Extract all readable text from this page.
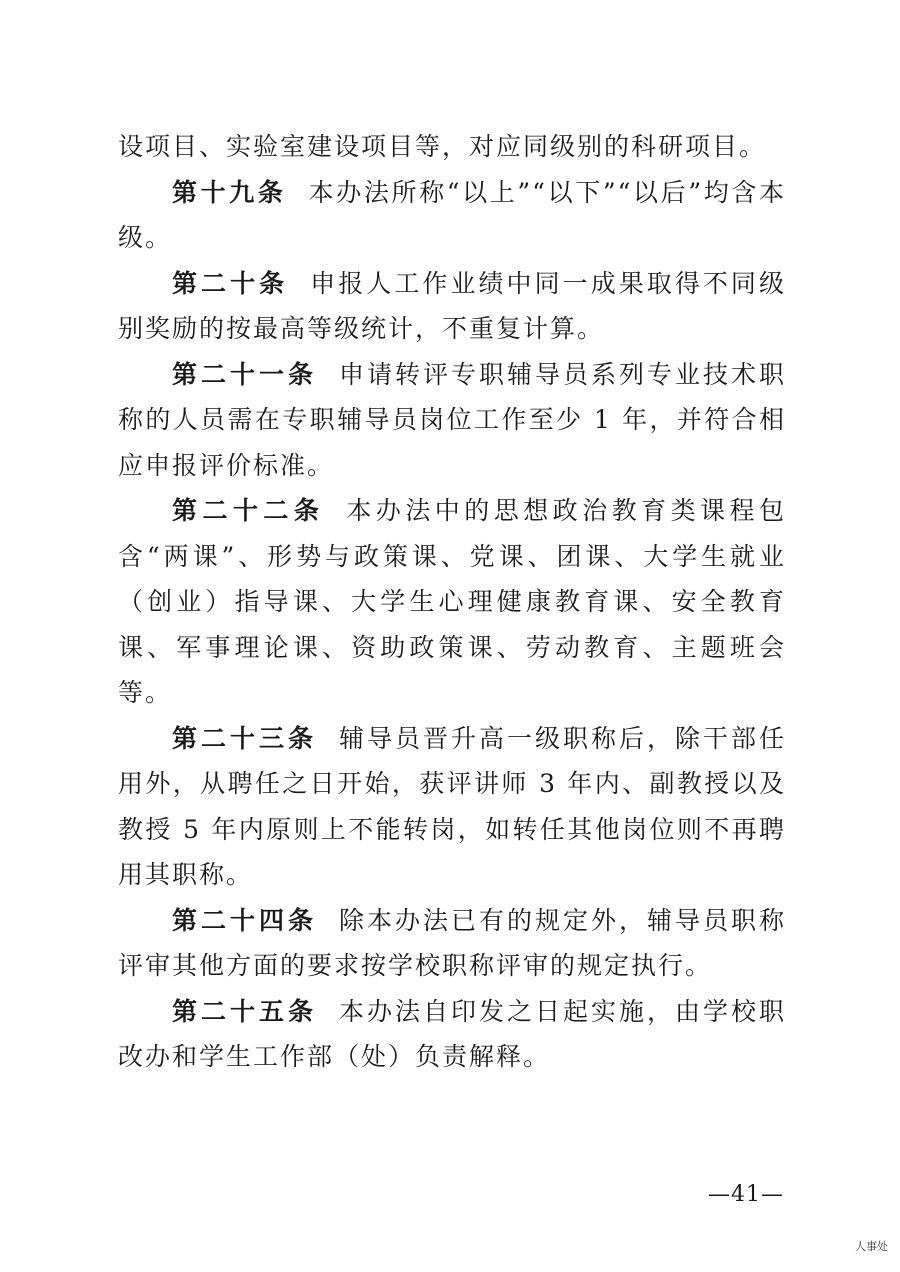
设项目、实验室建设项目等，对应同级别的科研项目。

第十九条 本办法所称“以上”“以下”“以后”均含本级。

第二十条 申报人工作业绩中同一成果取得不同级别奖励的按最高等级统计，不重复计算。

第二十一条 申请转评专职辅导员系列专业技术职称的人员需在专职辅导员岗位工作至少 1 年，并符合相应申报评价标准。

第二十二条 本办法中的思想政治教育类课程包含“两课”、形势与政策课、党课、团课、大学生就业（创业）指导课、大学生心理健康教育课、安全教育课、军事理论课、资助政策课、劳动教育、主题班会等。

第二十三条 辅导员晋升高一级职称后，除干部任用外，从聘任之日开始，获评讲师 3 年内、副教授以及教授 5 年内原则上不能转岗，如转任其他岗位则不再聘用其职称。

第二十四条 除本办法已有的规定外，辅导员职称评审其他方面的要求按学校职称评审的规定执行。

第二十五条 本办法自印发之日起实施，由学校职改办和学生工作部（处）负责解释。

—41—
人事处
